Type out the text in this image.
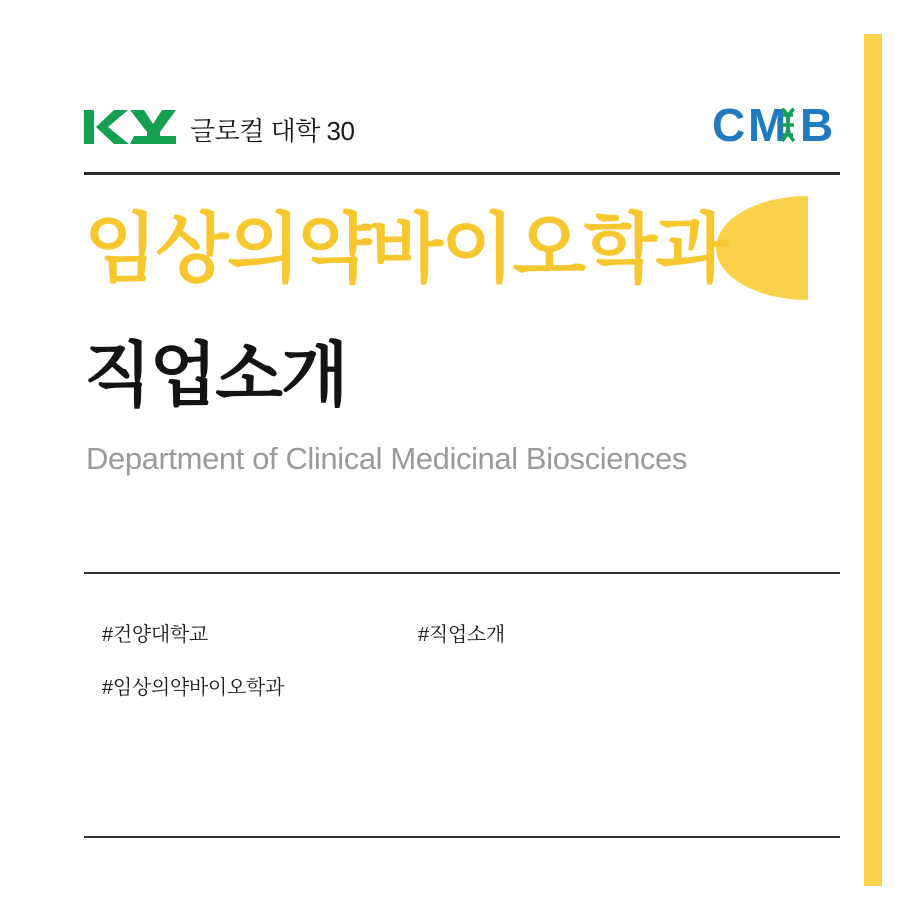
글로컬 대학 30	C M B
임상의약바이오학과
직업소개
Department of Clinical Medicinal Biosciences
#건양대학교	#직업소개
#임상의약바이오학과
